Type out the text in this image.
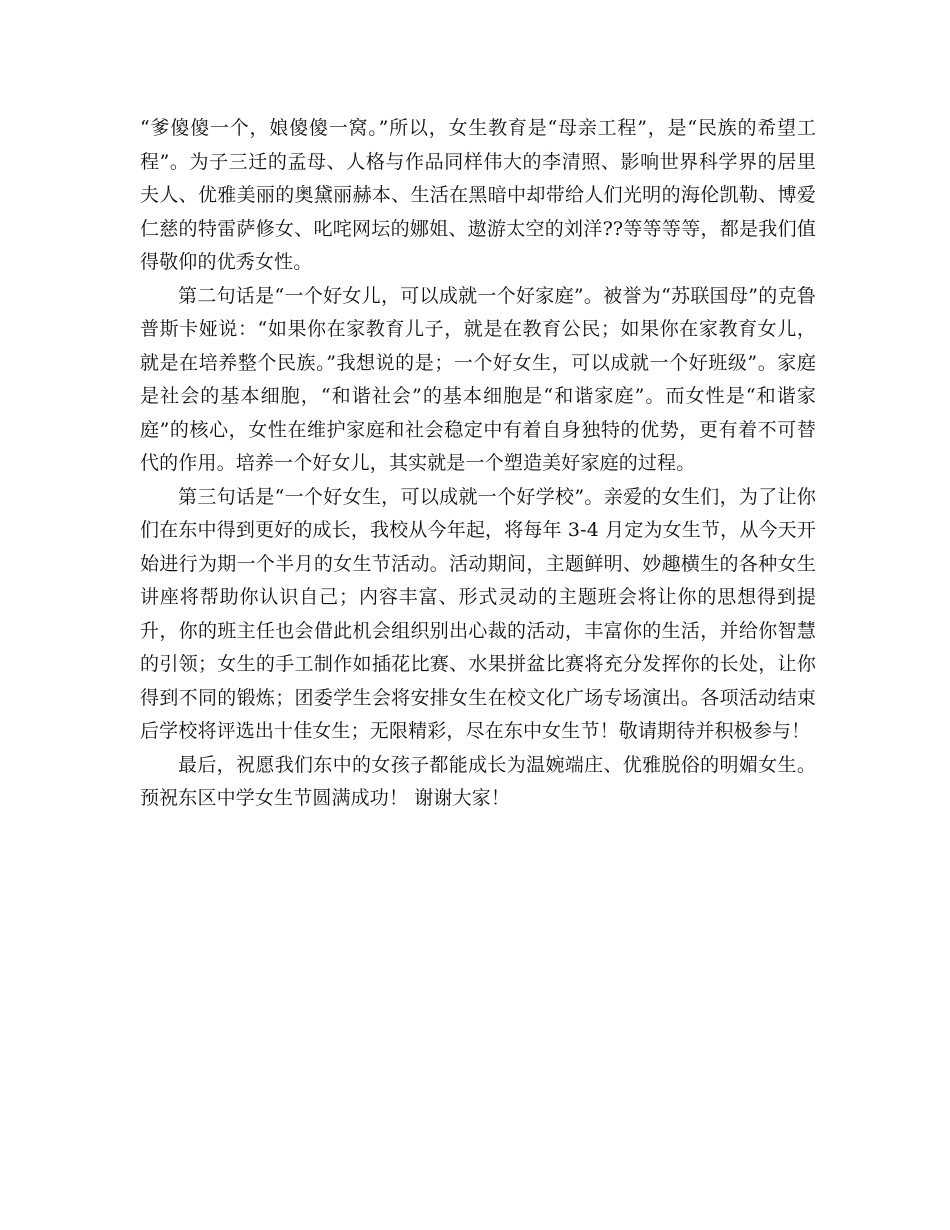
“爹傻傻一个，娘傻傻一窝。”所以，女生教育是“母亲工程”，是“民族的希望工程”。为子三迁的孟母、人格与作品同样伟大的李清照、影响世界科学界的居里夫人、优雅美丽的奥黛丽赫本、生活在黑暗中却带给人们光明的海伦凯勒、博爱仁慈的特雷萨修女、叱咤网坛的娜姐、遨游太空的刘洋??等等等等，都是我们值得敬仰的优秀女性。

第二句话是“一个好女儿，可以成就一个好家庭”。被誉为“苏联国母”的克鲁普斯卡娅说：“如果你在家教育儿子，就是在教育公民；如果你在家教育女儿，就是在培养整个民族。”我想说的是；一个好女生，可以成就一个好班级”。家庭是社会的基本细胞，“和谐社会”的基本细胞是“和谐家庭”。而女性是“和谐家庭”的核心，女性在维护家庭和社会稳定中有着自身独特的优势，更有着不可替代的作用。培养一个好女儿，其实就是一个塑造美好家庭的过程。

第三句话是“一个好女生，可以成就一个好学校”。亲爱的女生们，为了让你们在东中得到更好的成长，我校从今年起，将每年 3-4 月定为女生节，从今天开始进行为期一个半月的女生节活动。活动期间，主题鲜明、妙趣横生的各种女生讲座将帮助你认识自己；内容丰富、形式灵动的主题班会将让你的思想得到提升，你的班主任也会借此机会组织别出心裁的活动，丰富你的生活，并给你智慧的引领；女生的手工制作如插花比赛、水果拼盆比赛将充分发挥你的长处，让你得到不同的锻炼；团委学生会将安排女生在校文化广场专场演出。各项活动结束后学校将评选出十佳女生；无限精彩，尽在东中女生节！敬请期待并积极参与！

最后，祝愿我们东中的女孩子都能成长为温婉端庄、优雅脱俗的明媚女生。预祝东区中学女生节圆满成功！ 谢谢大家！
